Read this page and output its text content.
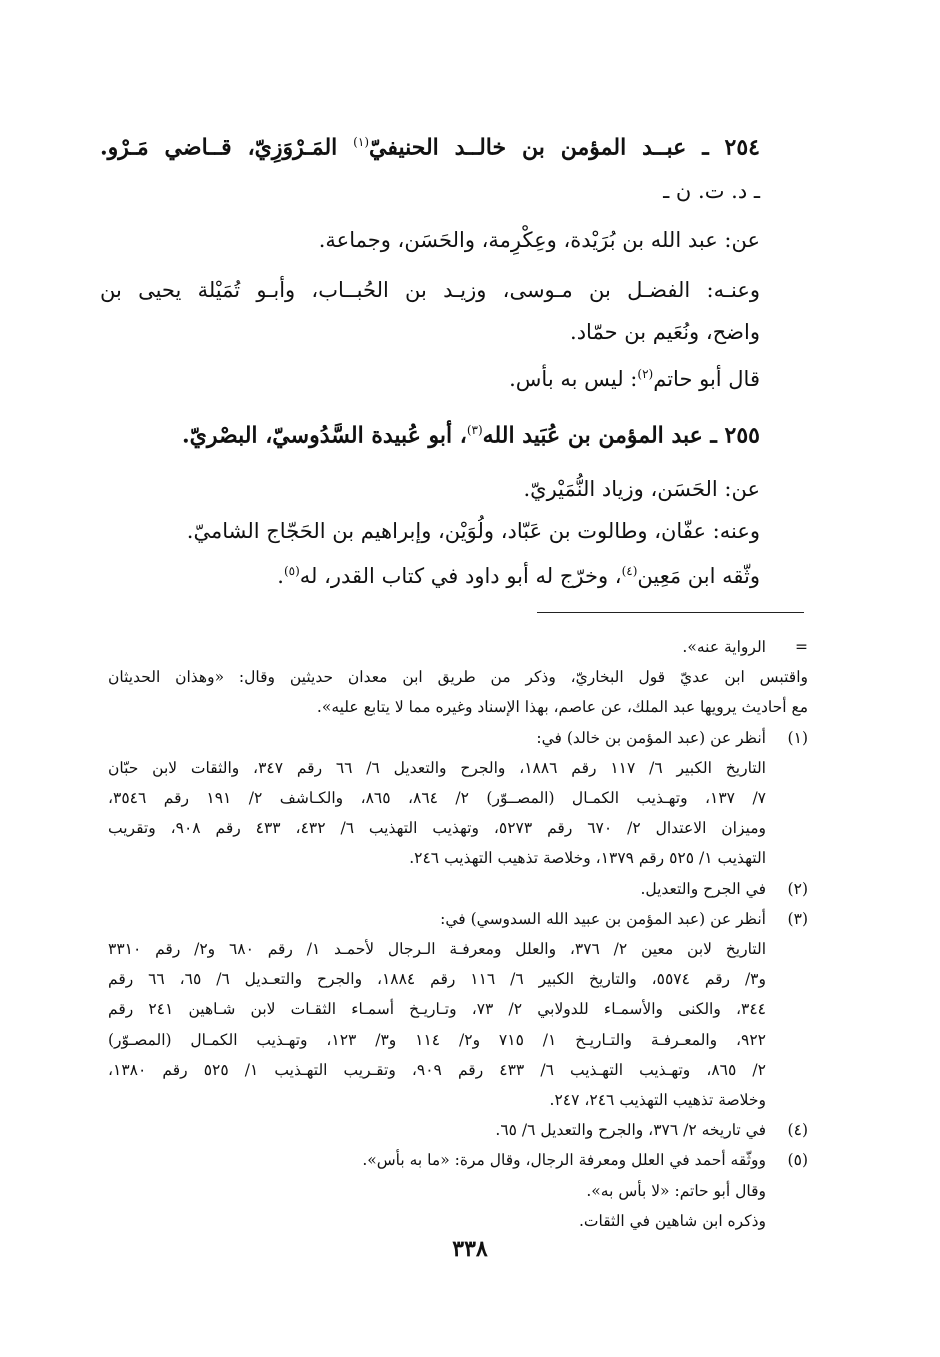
٢٥٤ ـ عبــد المؤمن بن خالــد الحنيفيّ$^{(١)}$ المَـرْوَزِيّ، قــاضي مَـرْو.

ـ د. ت. ن ـ

عن: عبد الله بن بُرَيْدة، وعِكْرِمة، والحَسَن، وجماعة.

وعنـه: الفضـل بن مـوسى، وزيـد بن الحُبــاب، وأبـو تُمَيْلة يحيى بن

واضح، ونُعَيم بن حمّاد.

قال أبو حاتم$^{(٢)}$: ليس به بأس.

٢٥٥ ـ عبد المؤمن بن عُبَيد الله$^{(٣)}$، أبو عُبيدة السَّدُوسيّ، البصْريّ.

عن: الحَسَن، وزياد النُّمَيْريّ.

وعنه: عفّان، وطالوت بن عَبّاد، ولُوَيْن، وإبراهيم بن الحَجّاج الشاميّ.

وثّقه ابن مَعِين$^{(٤)}$، وخرّج له أبو داود في كتاب القدر، له$^{(٥)}$.

=

الرواية عنه».

واقتبس ابن عديّ قول البخاريّ، وذكر من طريق ابن معدان حديثين وقال: «وهذان الحديثان

مع أحاديث يرويها عبد الملك، عن عاصم، بهذا الإسناد وغيره مما لا يتابع عليه».

(١)

أنظر عن (عبد المؤمن بن خالد) في:

التاريخ الكبير ٦/ ١١٧ رقم ١٨٨٦، والجرح والتعديل ٦/ ٦٦ رقم ٣٤٧، والثقات لابن حبّان

٧/ ١٣٧، وتهـذيب الكمـال (المصــوّر) ٢/ ٨٦٤، ٨٦٥، والكـاشف ٢/ ١٩١ رقم ٣٥٤٦،

وميزان الاعتدال ٢/ ٦٧٠ رقم ٥٢٧٣، وتهذيب التهذيب ٦/ ٤٣٢، ٤٣٣ رقم ٩٠٨، وتقريب

التهذيب ١/ ٥٢٥ رقم ١٣٧٩، وخلاصة تذهيب التهذيب ٢٤٦.

(٢)

في الجرح والتعديل.

(٣)

أنظر عن (عبد المؤمن بن عبيد الله السدوسي) في:

التاريخ لابن معين ٢/ ٣٧٦، والعلل ومعرفـة الـرجال لأحمـد ١/ رقم ٦٨٠ و٢/ رقم ٣٣١٠

و٣/ رقم ٥٥٧٤، والتاريخ الكبير ٦/ ١١٦ رقم ١٨٨٤، والجرح والتعـديل ٦/ ٦٥، ٦٦ رقم

٣٤٤، والكنى والأسمـاء للدولابي ٢/ ٧٣، وتـاريـخ أسمـاء الثقـات لابن شـاهين ٢٤١ رقم

٩٢٢، والمعـرفـة والتـاريـخ ١/ ٧١٥ و٢/ ١١٤ و٣/ ١٢٣، وتهـذيب الكمـال (المصـوّر)

٢/ ٨٦٥، وتهـذيب التهـذيب ٦/ ٤٣٣ رقم ٩٠٩، وتقـريب التهـذيب ١/ ٥٢٥ رقم ١٣٨٠،

وخلاصة تذهيب التهذيب ٢٤٦، ٢٤٧.

(٤)

في تاريخه ٢/ ٣٧٦، والجرح والتعديل ٦/ ٦٥.

(٥)

ووثّقه أحمد في العلل ومعرفة الرجال، وقال مرة: «ما به بأس».

وقال أبو حاتم: «لا بأس به».

وذكره ابن شاهين في الثقات.

٣٣٨
